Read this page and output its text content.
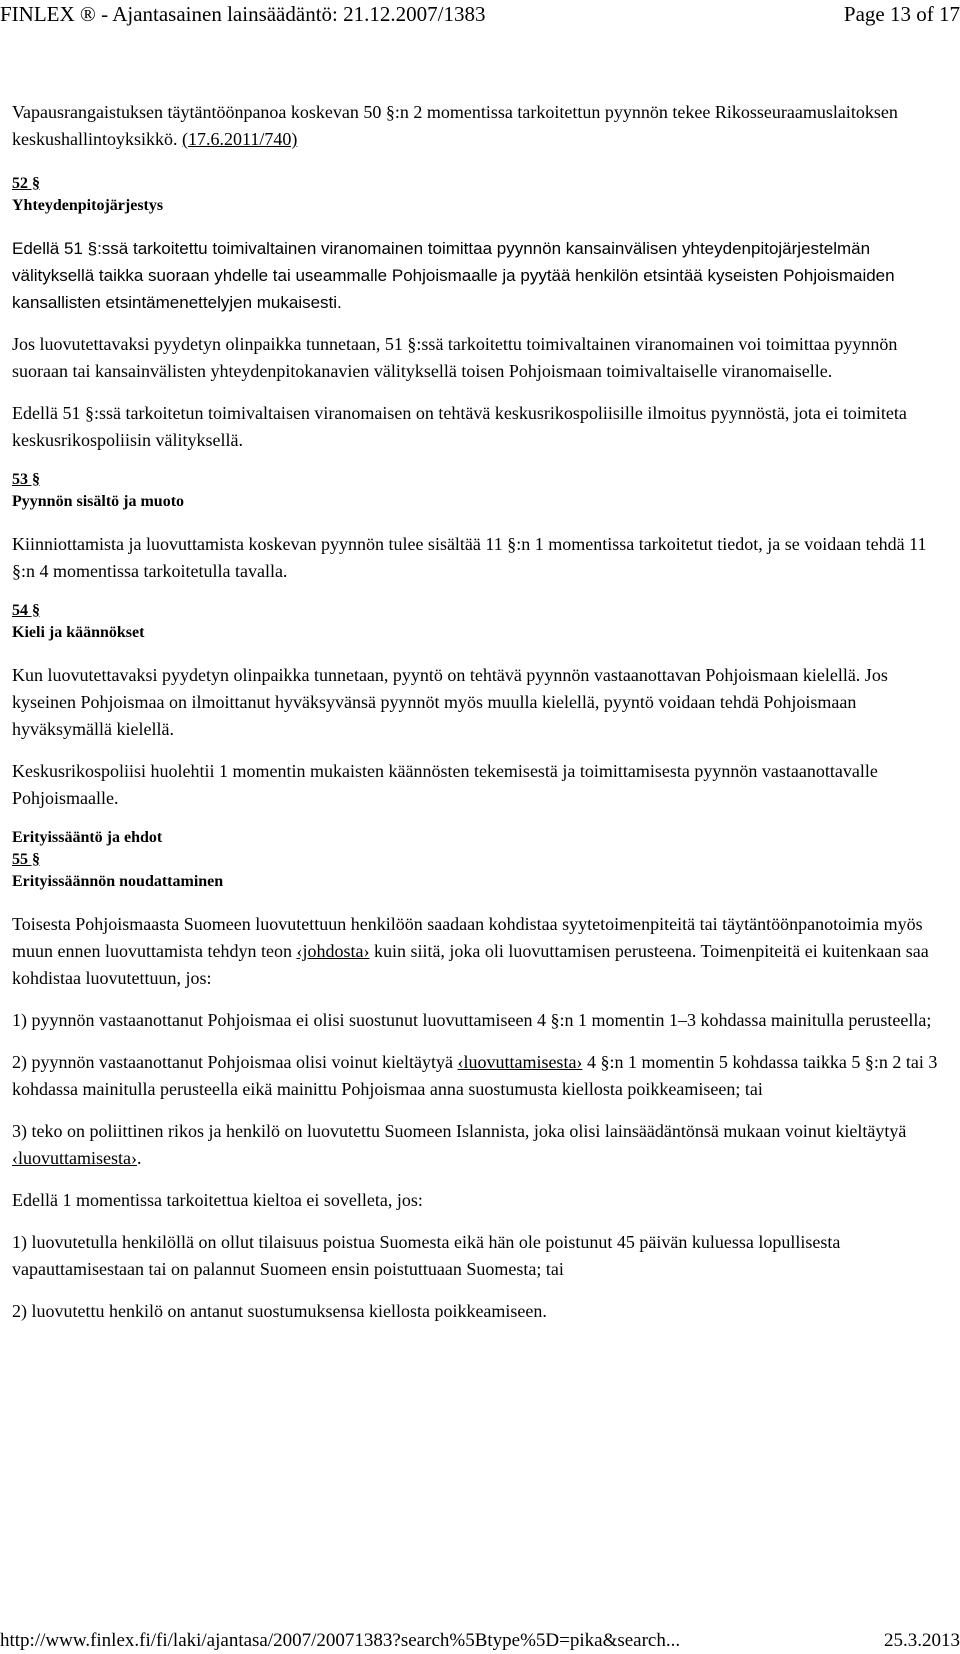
FINLEX ® - Ajantasainen lainsäädäntö: 21.12.2007/1383	Page 13 of 17

Vapausrangaistuksen täytäntöönpanoa koskevan 50 §:n 2 momentissa tarkoitettun pyynnön tekee Rikosseuraamuslaitoksen keskushallintoyksikkö. (17.6.2011/740)

52 §
Yhteydenpitojärjestys

Edellä 51 §:ssä tarkoitettu toimivaltainen viranomainen toimittaa pyynnön kansainvälisen yhteydenpitojärjestelmän välityksellä taikka suoraan yhdelle tai useammalle Pohjoismaalle ja pyytää henkilön etsintää kyseisten Pohjoismaiden kansallisten etsintämenettelyjen mukaisesti.

Jos luovutettavaksi pyydetyn olinpaikka tunnetaan, 51 §:ssä tarkoitettu toimivaltainen viranomainen voi toimittaa pyynnön suoraan tai kansainvälisten yhteydenpitokanavien välityksellä toisen Pohjoismaan toimivaltaiselle viranomaiselle.

Edellä 51 §:ssä tarkoitetun toimivaltaisen viranomaisen on tehtävä keskusrikospoliisille ilmoitus pyynnöstä, jota ei toimiteta keskusrikospoliisin välityksellä.

53 §
Pyynnön sisältö ja muoto

Kiinniottamista ja luovuttamista koskevan pyynnön tulee sisältää 11 §:n 1 momentissa tarkoitetut tiedot, ja se voidaan tehdä 11 §:n 4 momentissa tarkoitetulla tavalla.

54 §
Kieli ja käännökset

Kun luovutettavaksi pyydetyn olinpaikka tunnetaan, pyyntö on tehtävä pyynnön vastaanottavan Pohjoismaan kielellä. Jos kyseinen Pohjoismaa on ilmoittanut hyväksyvänsä pyynnöt myös muulla kielellä, pyyntö voidaan tehdä Pohjoismaan hyväksymällä kielellä.

Keskusrikospoliisi huolehtii 1 momentin mukaisten käännösten tekemisestä ja toimittamisesta pyynnön vastaanottavalle Pohjoismaalle.

Erityissääntö ja ehdot
55 §
Erityissäännön noudattaminen

Toisesta Pohjoismaasta Suomeen luovutettuun henkilöön saadaan kohdistaa syytetoimenpiteitä tai täytäntöönpanotoimia myös muun ennen luovuttamista tehdyn teon ‹johdosta› kuin siitä, joka oli luovuttamisen perusteena. Toimenpiteitä ei kuitenkaan saa kohdistaa luovutettuun, jos:

1) pyynnön vastaanottanut Pohjoismaa ei olisi suostunut luovuttamiseen 4 §:n 1 momentin 1–3 kohdassa mainitulla perusteella;

2) pyynnön vastaanottanut Pohjoismaa olisi voinut kieltäytyä ‹luovuttamisesta› 4 §:n 1 momentin 5 kohdassa taikka 5 §:n 2 tai 3 kohdassa mainitulla perusteella eikä mainittu Pohjoismaa anna suostumusta kiellosta poikkeamiseen; tai

3) teko on poliittinen rikos ja henkilö on luovutettu Suomeen Islannista, joka olisi lainsäädäntönsä mukaan voinut kieltäytyä ‹luovuttamisesta›.

Edellä 1 momentissa tarkoitettua kieltoa ei sovelleta, jos:

1) luovutetulla henkilöllä on ollut tilaisuus poistua Suomesta eikä hän ole poistunut 45 päivän kuluessa lopullisesta vapauttamisestaan tai on palannut Suomeen ensin poistuttuaan Suomesta; tai

2) luovutettu henkilö on antanut suostumuksensa kiellosta poikkeamiseen.

http://www.finlex.fi/fi/laki/ajantasa/2007/20071383?search%5Btype%5D=pika&search...	25.3.2013
